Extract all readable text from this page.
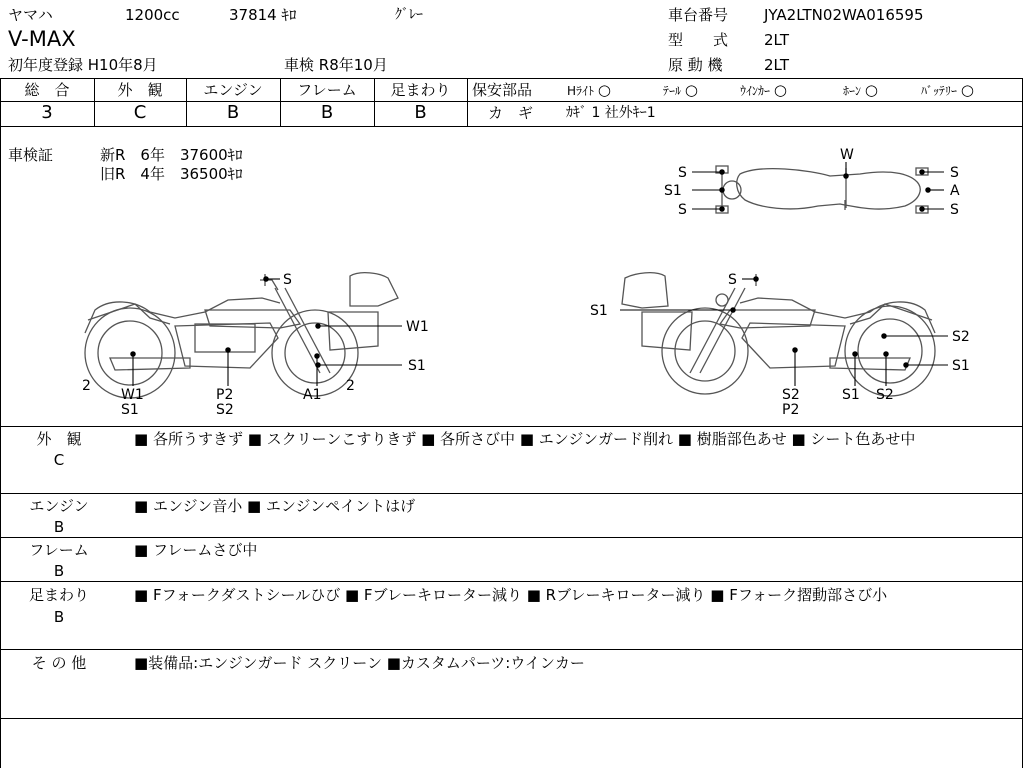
ヤマハ	1200cc	37814 ｷﾛ	ｸﾞﾚｰ
V-MAX
初年度登録 H10年8月	車検 R8年10月
車台番号 JYA2LTN02WA016595
型　　式 2LT
原 動 機	2LT
総　合	外　観	エンジン	フレーム	足まわり
3	C	B	B	B
保安部品	Hﾗｲﾄ ○	ﾃｰﾙ ○	ｳｲﾝｶｰ ○	ﾎｰﾝ ○	ﾊﾞｯﾃﾘｰ ○
カ　ギ ｶｷﾞ 1 社外ｷｰ1
車検証	新R　6年　37600ｷﾛ
旧R　4年　36500ｷﾛ	S
S1
S
W
S
A
S
S
W1
S1
2	2
W1
S1
P2
S2
A1
S
S1
S2
S1
S2
P2
S1 S2
外　観
C
■ 各所うすきず ■ スクリーンこすりきず ■ 各所さび中 ■ エンジンガード削れ ■ 樹脂部色あせ ■ シート色あせ中
エンジン
B
■ エンジン音小 ■ エンジンペイントはげ
フレーム
B
■ フレームさび中
足まわり
B
■ Fフォークダストシールひび ■ Fブレーキローター減り ■ Rブレーキローター減り ■ Fフォーク摺動部さび小
そ の 他	■装備品:エンジンガード スクリーン ■カスタムパーツ:ウインカー
